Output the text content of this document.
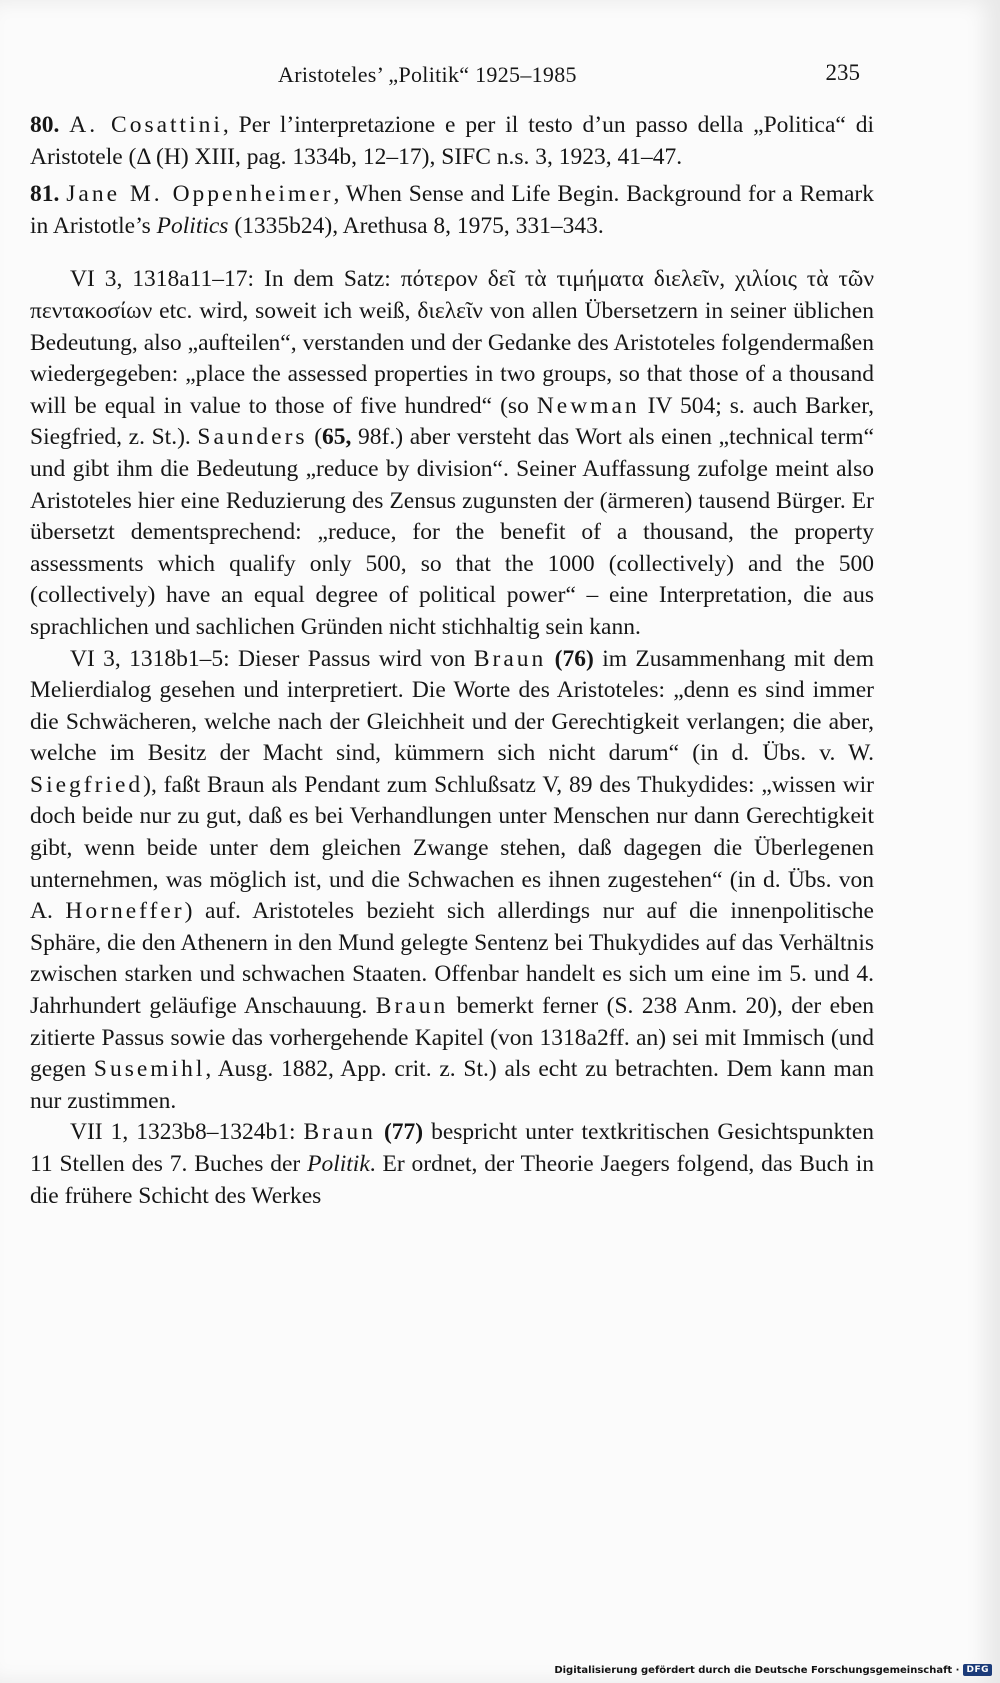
Aristoteles’ „Politik“ 1925–1985	235

80. A. Cosattini, Per l’interpretazione e per il testo d’un passo della „Politica“ di Aristotele (Δ (H) XIII, pag. 1334b, 12–17), SIFC n.s. 3, 1923, 41–47.

81. Jane M. Oppenheimer, When Sense and Life Begin. Background for a Remark in Aristotle’s Politics (1335b24), Arethusa 8, 1975, 331–343.

VI 3, 1318a11–17: In dem Satz: πότερον δεῖ τὰ τιμήματα διελεῖν, χιλίοις τὰ τῶν πεντακοσίων etc. wird, soweit ich weiß, διελεῖν von allen Übersetzern in seiner üblichen Bedeutung, also „aufteilen“, verstanden und der Gedanke des Aristoteles folgendermaßen wiedergegeben: „place the assessed properties in two groups, so that those of a thousand will be equal in value to those of five hundred“ (so Newman IV 504; s. auch Barker, Siegfried, z. St.). Saunders (65, 98f.) aber versteht das Wort als einen „technical term“ und gibt ihm die Bedeutung „reduce by division“. Seiner Auffassung zufolge meint also Aristoteles hier eine Reduzierung des Zensus zugunsten der (ärmeren) tausend Bürger. Er übersetzt dementsprechend: „reduce, for the benefit of a thousand, the property assessments which qualify only 500, so that the 1000 (collectively) and the 500 (collectively) have an equal degree of political power“ – eine Interpretation, die aus sprachlichen und sachlichen Gründen nicht stichhaltig sein kann.

VI 3, 1318b1–5: Dieser Passus wird von Braun (76) im Zusammenhang mit dem Melierdialog gesehen und interpretiert. Die Worte des Aristoteles: „denn es sind immer die Schwächeren, welche nach der Gleichheit und der Gerechtigkeit verlangen; die aber, welche im Besitz der Macht sind, kümmern sich nicht darum“ (in d. Übs. v. W. Siegfried), faßt Braun als Pendant zum Schlußsatz V, 89 des Thukydides: „wissen wir doch beide nur zu gut, daß es bei Verhandlungen unter Menschen nur dann Gerechtigkeit gibt, wenn beide unter dem gleichen Zwange stehen, daß dagegen die Überlegenen unternehmen, was möglich ist, und die Schwachen es ihnen zugestehen“ (in d. Übs. von A. Horneffer) auf. Aristoteles bezieht sich allerdings nur auf die innenpolitische Sphäre, die den Athenern in den Mund gelegte Sentenz bei Thukydides auf das Verhältnis zwischen starken und schwachen Staaten. Offenbar handelt es sich um eine im 5. und 4. Jahrhundert geläufige Anschauung. Braun bemerkt ferner (S. 238 Anm. 20), der eben zitierte Passus sowie das vorhergehende Kapitel (von 1318a2ff. an) sei mit Immisch (und gegen Susemihl, Ausg. 1882, App. crit. z. St.) als echt zu betrachten. Dem kann man nur zustimmen.

VII 1, 1323b8–1324b1: Braun (77) bespricht unter textkritischen Gesichtspunkten 11 Stellen des 7. Buches der Politik. Er ordnet, der Theorie Jaegers folgend, das Buch in die frühere Schicht des Werkes

Digitalisierung gefördert durch die Deutsche Forschungsgemeinschaft · DFG
